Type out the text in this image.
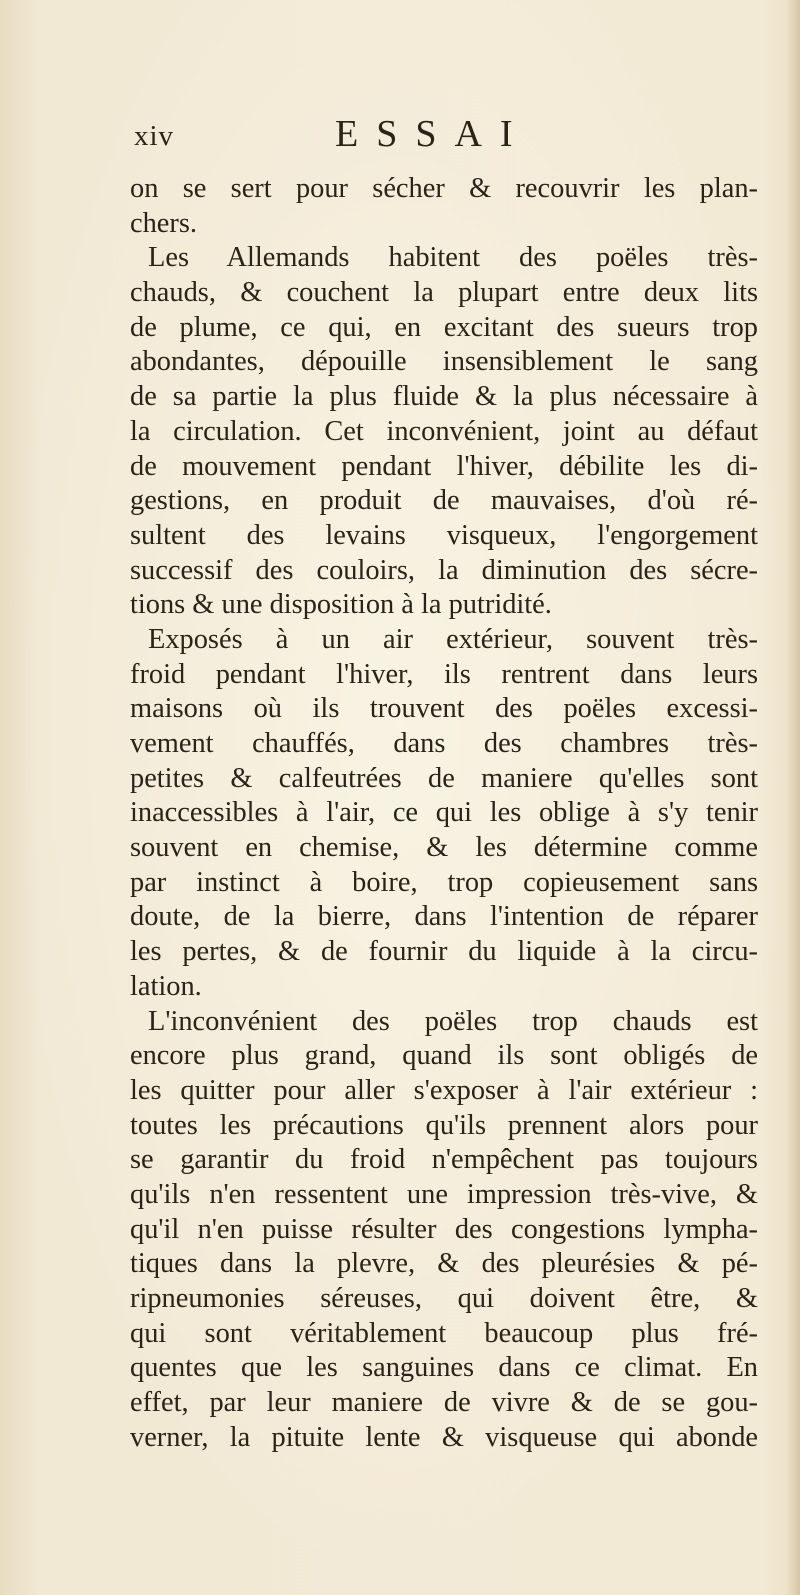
xiv	ESSAI
on se sert pour sécher & recouvrir les plan-
chers.
Les Allemands habitent des poëles très-
chauds, & couchent la plupart entre deux lits
de plume, ce qui, en excitant des sueurs trop
abondantes, dépouille insensiblement le sang
de sa partie la plus fluide & la plus nécessaire à
la circulation. Cet inconvénient, joint au défaut
de mouvement pendant l'hiver, débilite les di-
gestions, en produit de mauvaises, d'où ré-
sultent des levains visqueux, l'engorgement
successif des couloirs, la diminution des sécre-
tions & une disposition à la putridité.
Exposés à un air extérieur, souvent très-
froid pendant l'hiver, ils rentrent dans leurs
maisons où ils trouvent des poëles excessi-
vement chauffés, dans des chambres très-
petites & calfeutrées de maniere qu'elles sont
inaccessibles à l'air, ce qui les oblige à s'y tenir
souvent en chemise, & les détermine comme
par instinct à boire, trop copieusement sans
doute, de la bierre, dans l'intention de réparer
les pertes, & de fournir du liquide à la circu-
lation.
L'inconvénient des poëles trop chauds est
encore plus grand, quand ils sont obligés de
les quitter pour aller s'exposer à l'air extérieur :
toutes les précautions qu'ils prennent alors pour
se garantir du froid n'empêchent pas toujours
qu'ils n'en ressentent une impression très-vive, &
qu'il n'en puisse résulter des congestions lympha-
tiques dans la plevre, & des pleurésies & pé-
ripneumonies séreuses, qui doivent être, &
qui sont véritablement beaucoup plus fré-
quentes que les sanguines dans ce climat. En
effet, par leur maniere de vivre & de se gou-
verner, la pituite lente & visqueuse qui abonde
